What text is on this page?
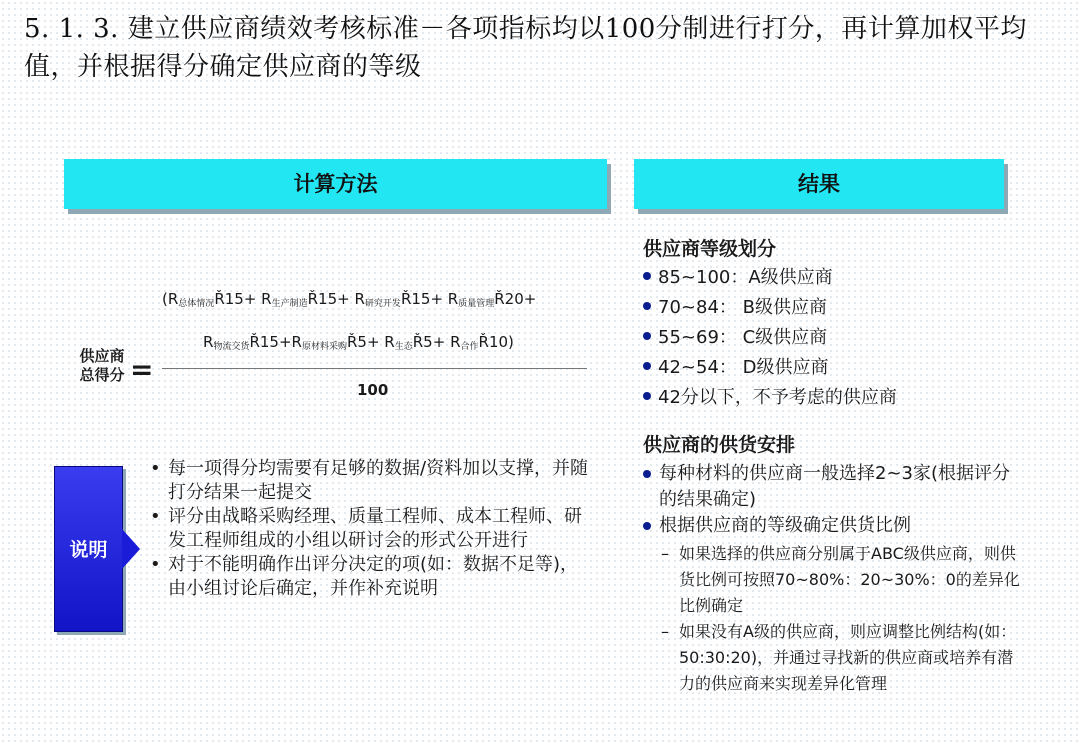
5. 1. 3. 建立供应商绩效考核标准－各项指标均以100分制进行打分，再计算加权平均值，并根据得分确定供应商的等级
计算方法	结果
供应商
总得分 =
($R_{总体情况}Ř15+$ $R_{生产制造}Ř15+$ $R_{研究开发}Ř15+$ $R_{质量管理}Ř20+$
$R_{物流交货}Ř15+R_{原材料采购}Ř5+$ $R_{生态}Ř5+$ $R_{合作}Ř10$)
100
说明
• 每一项得分均需要有足够的数据/资料加以支撑，并随打分结果一起提交
• 评分由战略采购经理、质量工程师、成本工程师、研发工程师组成的小组以研讨会的形式公开进行
• 对于不能明确作出评分决定的项(如：数据不足等)，由小组讨论后确定，并作补充说明
供应商等级划分
85~100：A级供应商
70~84： B级供应商
55~69： C级供应商
42~54： D级供应商
42分以下，不予考虑的供应商
供应商的供货安排
每种材料的供应商一般选择2~3家(根据评分的结果确定)
根据供应商的等级确定供货比例
– 如果选择的供应商分别属于ABC级供应商，则供货比例可按照70~80%：20~30%：0的差异化比例确定
– 如果没有A级的供应商，则应调整比例结构(如：50:30:20)，并通过寻找新的供应商或培养有潜力的供应商来实现差异化管理
